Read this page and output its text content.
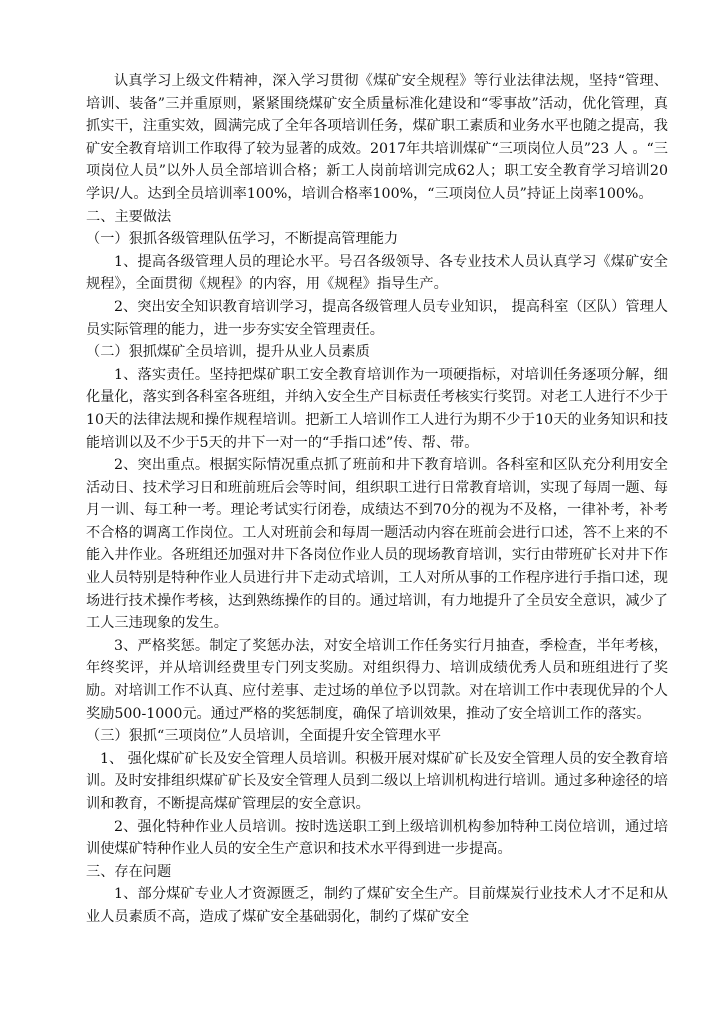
认真学习上级文件精神，深入学习贯彻《煤矿安全规程》等行业法律法规，坚持“管理、培训、装备”三并重原则，紧紧围绕煤矿安全质量标准化建设和“零事故”活动，优化管理，真抓实干，注重实效，圆满完成了全年各项培训任务，煤矿职工素质和业务水平也随之提高，我矿安全教育培训工作取得了较为显著的成效。2017年共培训煤矿“三项岗位人员”23 人 。“三项岗位人员”以外人员全部培训合格；新工人岗前培训完成62人；职工安全教育学习培训20学识/人。达到全员培训率100%，培训合格率100%，“三项岗位人员”持证上岗率100%。

二、主要做法

（一）狠抓各级管理队伍学习，不断提高管理能力

1、提高各级管理人员的理论水平。号召各级领导、各专业技术人员认真学习《煤矿安全规程》，全面贯彻《规程》的内容，用《规程》指导生产。

2、突出安全知识教育培训学习，提高各级管理人员专业知识， 提高科室（区队）管理人员实际管理的能力，进一步夯实安全管理责任。

（二）狠抓煤矿全员培训，提升从业人员素质

1、落实责任。坚持把煤矿职工安全教育培训作为一项硬指标，对培训任务逐项分解，细化量化，落实到各科室各班组，并纳入安全生产目标责任考核实行奖罚。对老工人进行不少于10天的法律法规和操作规程培训。把新工人培训作工人进行为期不少于10天的业务知识和技能培训以及不少于5天的井下一对一的“手指口述”传、帮、带。

2、突出重点。根据实际情况重点抓了班前和井下教育培训。各科室和区队充分利用安全活动日、技术学习日和班前班后会等时间，组织职工进行日常教育培训，实现了每周一题、每月一训、每工种一考。理论考试实行闭卷，成绩达不到70分的视为不及格，一律补考，补考不合格的调离工作岗位。工人对班前会和每周一题活动内容在班前会进行口述，答不上来的不能入井作业。各班组还加强对井下各岗位作业人员的现场教育培训，实行由带班矿长对井下作业人员特别是特种作业人员进行井下走动式培训，工人对所从事的工作程序进行手指口述，现场进行技术操作考核，达到熟练操作的目的。通过培训，有力地提升了全员安全意识，减少了工人三违现象的发生。

3、严格奖惩。制定了奖惩办法，对安全培训工作任务实行月抽查，季检查，半年考核，年终奖评，并从培训经费里专门列支奖励。对组织得力、培训成绩优秀人员和班组进行了奖励。对培训工作不认真、应付差事、走过场的单位予以罚款。对在培训工作中表现优异的个人奖励500-1000元。通过严格的奖惩制度，确保了培训效果，推动了安全培训工作的落实。

（三）狠抓“三项岗位”人员培训，全面提升安全管理水平

1、 强化煤矿矿长及安全管理人员培训。积极开展对煤矿矿长及安全管理人员的安全教育培训。及时安排组织煤矿矿长及安全管理人员到二级以上培训机构进行培训。通过多种途径的培训和教育，不断提高煤矿管理层的安全意识。

2、强化特种作业人员培训。按时选送职工到上级培训机构参加特种工岗位培训，通过培训使煤矿特种作业人员的安全生产意识和技术水平得到进一步提高。

三、存在问题

1、部分煤矿专业人才资源匮乏，制约了煤矿安全生产。目前煤炭行业技术人才不足和从业人员素质不高，造成了煤矿安全基础弱化，制约了煤矿安全
